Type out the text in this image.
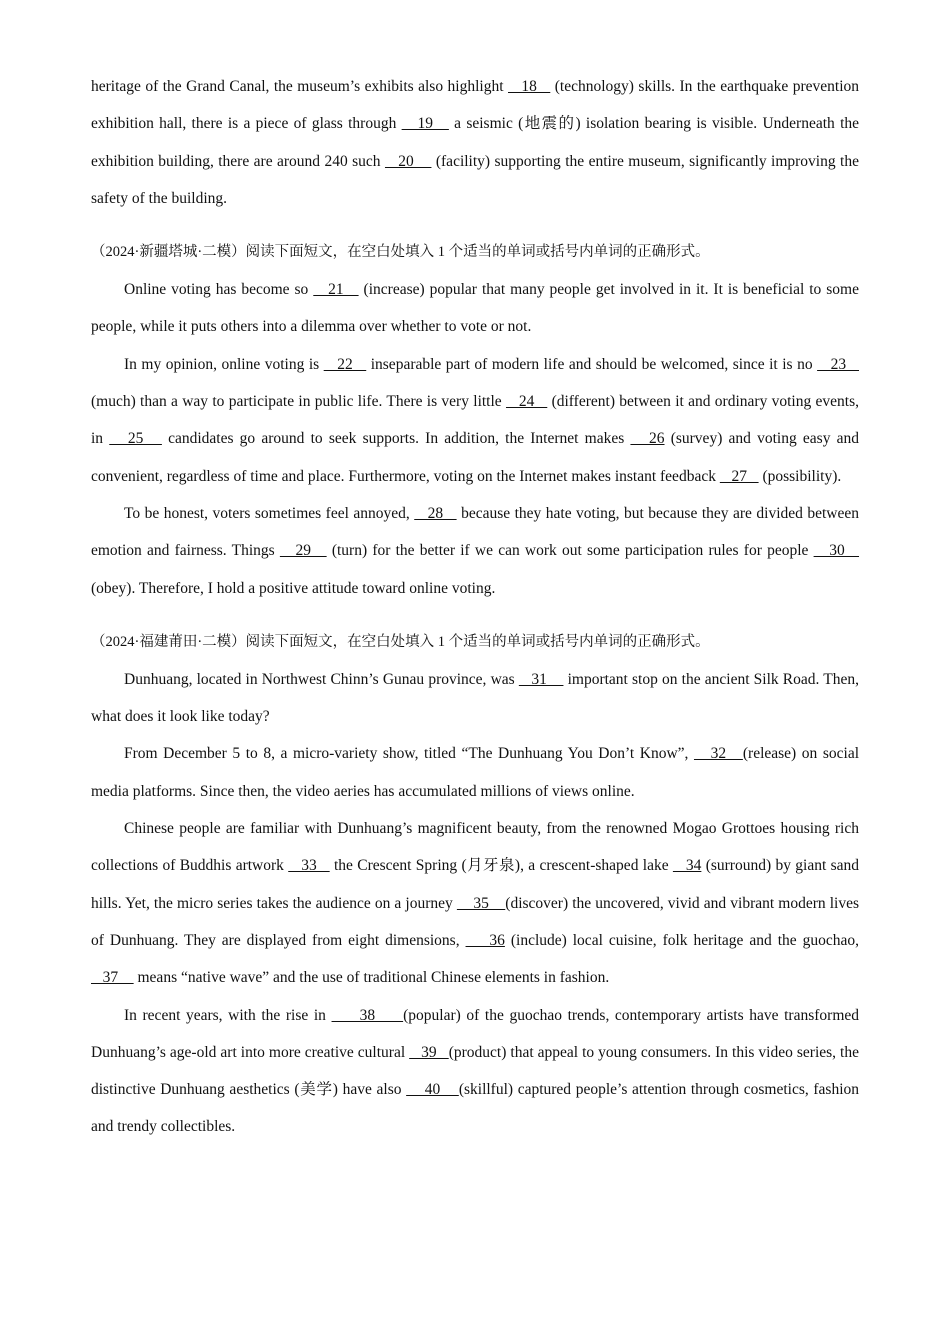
heritage of the Grand Canal, the museum’s exhibits also highlight    18    (technology) skills. In the earthquake prevention exhibition hall, there is a piece of glass through    19    a seismic (地震的) isolation bearing is visible. Underneath the exhibition building, there are around 240 such    20     (facility) supporting the entire museum, significantly improving the safety of the building.

（2024·新疆塔城·二模）阅读下面短文，在空白处填入 1 个适当的单词或括号内单词的正确形式。

Online voting has become so    21    (increase) popular that many people get involved in it. It is beneficial to some people, while it puts others into a dilemma over whether to vote or not.

In my opinion, online voting is    22    inseparable part of modern life and should be welcomed, since it is no    23    (much) than a way to participate in public life. There is very little    24    (different) between it and ordinary voting events, in    25    candidates go around to seek supports. In addition, the Internet makes    26 (survey) and voting easy and convenient, regardless of time and place. Furthermore, voting on the Internet makes instant feedback    27    (possibility).

To be honest, voters sometimes feel annoyed,    28    because they hate voting, but because they are divided between emotion and fairness. Things    29    (turn) for the better if we can work out some participation rules for people    30    (obey). Therefore, I hold a positive attitude toward online voting.

（2024·福建莆田·二模）阅读下面短文，在空白处填入 1 个适当的单词或括号内单词的正确形式。

Dunhuang, located in Northwest Chinn’s Gunau province, was    31     important stop on the ancient Silk Road. Then, what does it look like today?

From December 5 to 8, a micro-variety show, titled “The Dunhuang You Don’t Know”,    32   (release) on social media platforms. Since then, the video aeries has accumulated millions of views online.

Chinese people are familiar with Dunhuang’s magnificent beauty, from the renowned Mogao Grottoes housing rich collections of Buddhis artwork    33    the Crescent Spring (月牙泉), a crescent-shaped lake    34 (surround) by giant sand hills. Yet, the micro series takes the audience on a journey     35    (discover) the uncovered, vivid and vibrant modern lives of Dunhuang. They are displayed from eight dimensions,     36 (include) local cuisine, folk heritage and the guochao,    37     means “native wave” and the use of traditional Chinese elements in fashion.

In recent years, with the rise in      38     (popular) of the guochao trends, contemporary artists have transformed Dunhuang’s age-old art into more creative cultural    39   (product) that appeal to young consumers. In this video series, the distinctive Dunhuang aesthetics (美学) have also     40    (skillful) captured people’s attention through cosmetics, fashion and trendy collectibles.
